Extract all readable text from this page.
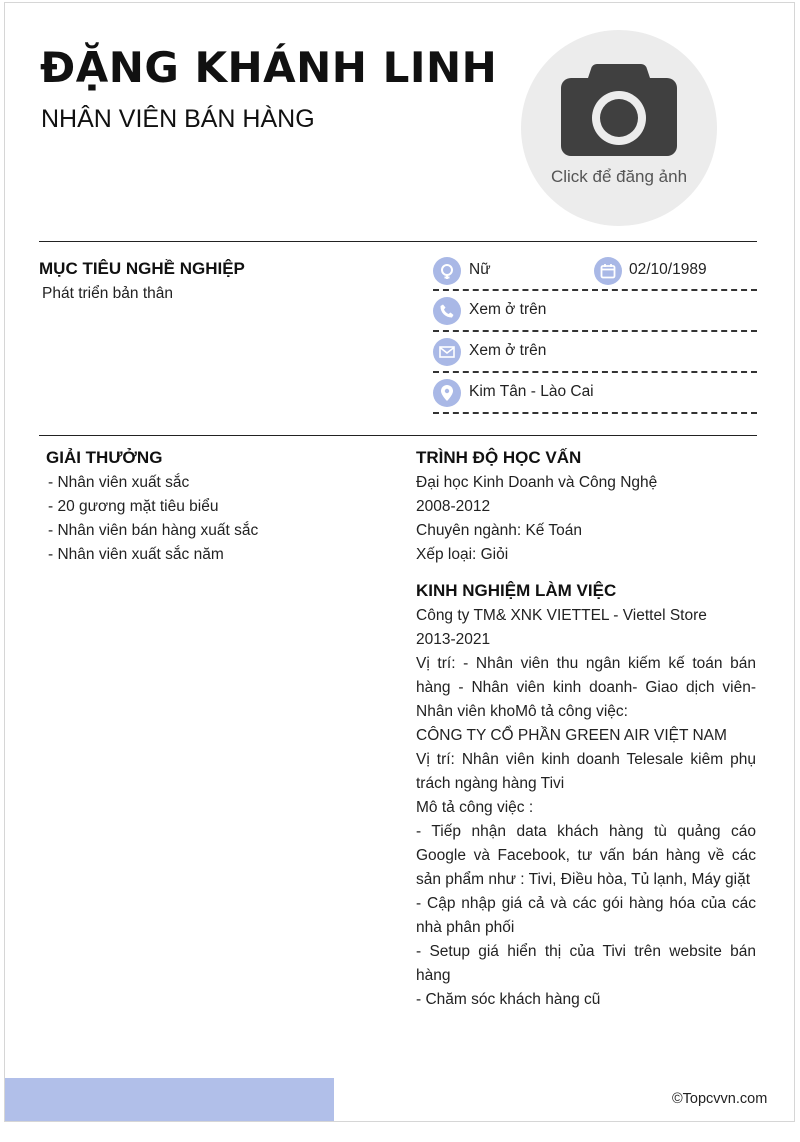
ĐẶNG KHÁNH LINH
NHÂN VIÊN BÁN HÀNG
Click để đăng ảnh
MỤC TIÊU NGHỀ NGHIỆP
Phát triển bản thân
Nữ	02/10/1989
Xem ở trên
Xem ở trên
Kim Tân - Lào Cai
GIẢI THƯỞNG
- Nhân viên xuất sắc
- 20 gương mặt tiêu biểu
- Nhân viên bán hàng xuất sắc
- Nhân viên xuất sắc năm
TRÌNH ĐỘ HỌC VẤN
Đại học Kinh Doanh và Công Nghệ
2008-2012
Chuyên ngành: Kế Toán
Xếp loại: Giỏi
KINH NGHIỆM LÀM VIỆC
Công ty TM& XNK VIETTEL - Viettel Store
2013-2021
Vị trí: - Nhân viên thu ngân kiếm kế toán bán hàng - Nhân viên kinh doanh- Giao dịch viên- Nhân viên khoMô tả công việc:
CÔNG TY CỔ PHẦN GREEN AIR VIỆT NAM
Vị trí: Nhân viên kinh doanh Telesale kiêm phụ trách ngàng hàng Tivi
Mô tả công việc :
- Tiếp nhận data khách hàng tù quảng cáo Google và Facebook, tư vấn bán hàng về các sản phẩm như : Tivi, Điều hòa, Tủ lạnh, Máy giặt
- Cập nhập giá cả và các gói hàng hóa của các nhà phân phối
- Setup giá hiển thị của Tivi trên website bán hàng
- Chăm sóc khách hàng cũ
©Topcvvn.com
